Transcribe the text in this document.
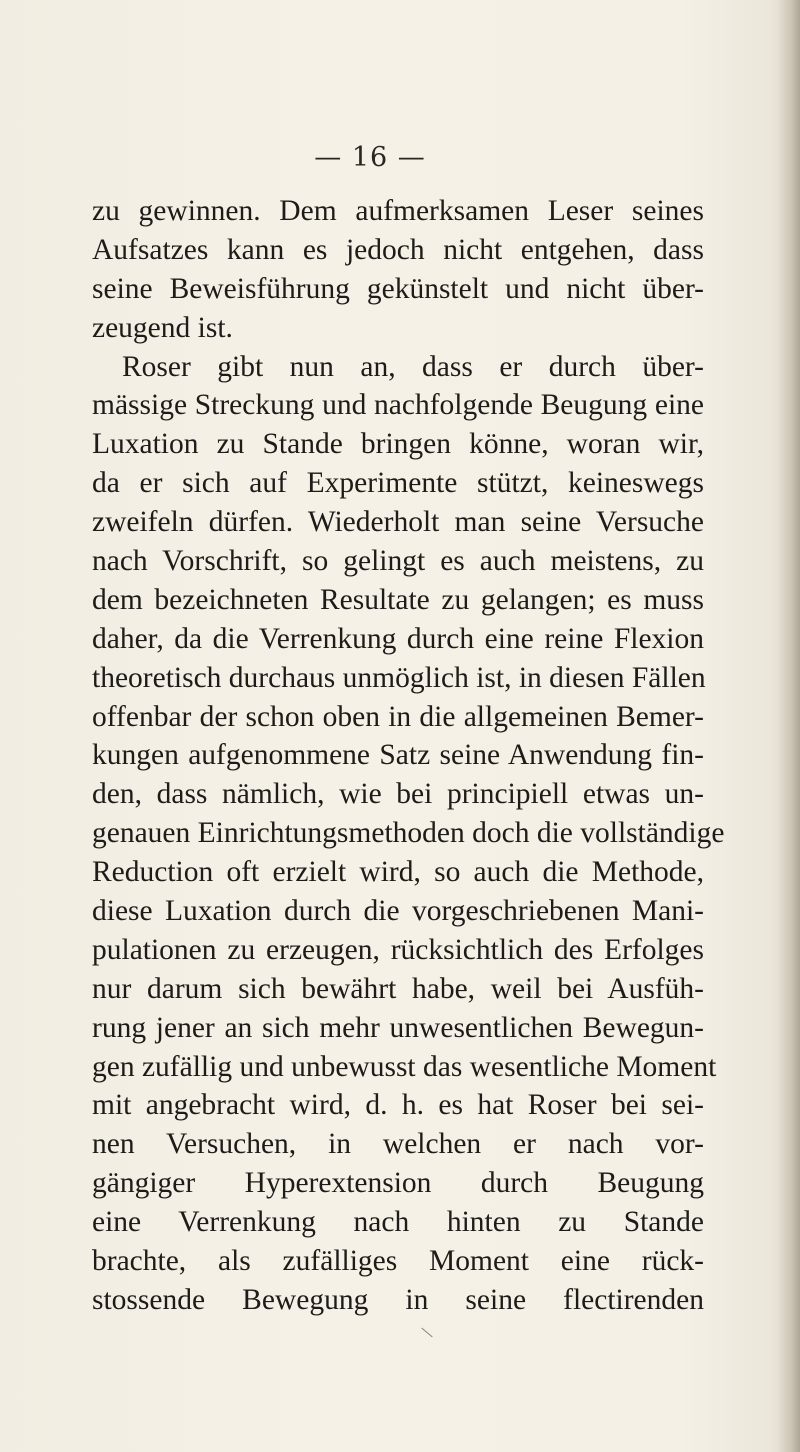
— 16 —
zu gewinnen. Dem aufmerksamen Leser seines
Aufsatzes kann es jedoch nicht entgehen, dass
seine Beweisführung gekünstelt und nicht über-
zeugend ist.
Roser gibt nun an, dass er durch über-
mässige Streckung und nachfolgende Beugung eine
Luxation zu Stande bringen könne, woran wir,
da er sich auf Experimente stützt, keineswegs
zweifeln dürfen. Wiederholt man seine Versuche
nach Vorschrift, so gelingt es auch meistens, zu
dem bezeichneten Resultate zu gelangen; es muss
daher, da die Verrenkung durch eine reine Flexion
theoretisch durchaus unmöglich ist, in diesen Fällen
offenbar der schon oben in die allgemeinen Bemer-
kungen aufgenommene Satz seine Anwendung fin-
den, dass nämlich, wie bei principiell etwas un-
genauen Einrichtungsmethoden doch die vollständige
Reduction oft erzielt wird, so auch die Methode,
diese Luxation durch die vorgeschriebenen Mani-
pulationen zu erzeugen, rücksichtlich des Erfolges
nur darum sich bewährt habe, weil bei Ausfüh-
rung jener an sich mehr unwesentlichen Bewegun-
gen zufällig und unbewusst das wesentliche Moment
mit angebracht wird, d. h. es hat Roser bei sei-
nen Versuchen, in welchen er nach vor-
gängiger Hyperextension durch Beugung
eine Verrenkung nach hinten zu Stande
brachte, als zufälliges Moment eine rück-
stossende Bewegung in seine flectirenden
